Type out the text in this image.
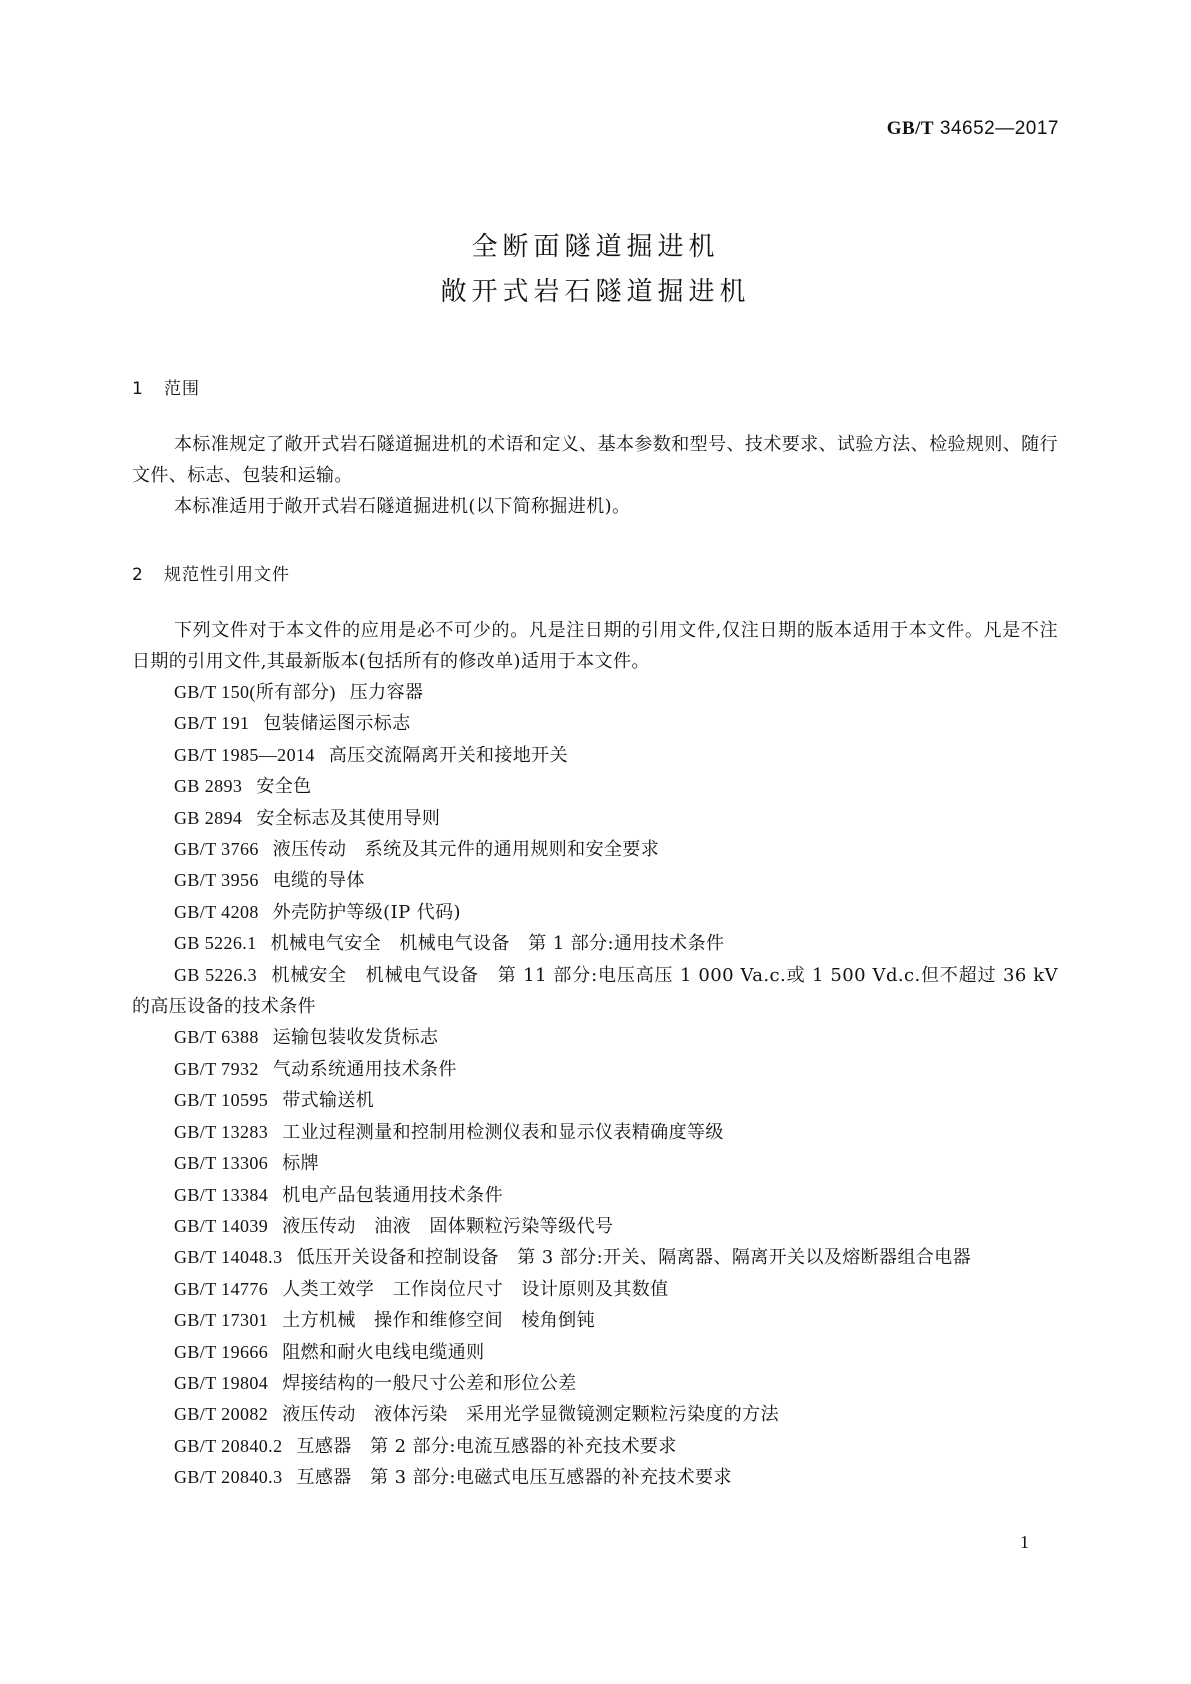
GB/T 34652—2017
全断面隧道掘进机
敞开式岩石隧道掘进机
1 范围

本标准规定了敞开式岩石隧道掘进机的术语和定义、基本参数和型号、技术要求、试验方法、检验规则、随行文件、标志、包装和运输。

本标准适用于敞开式岩石隧道掘进机(以下简称掘进机)。

2 规范性引用文件

下列文件对于本文件的应用是必不可少的。凡是注日期的引用文件,仅注日期的版本适用于本文件。凡是不注日期的引用文件,其最新版本(包括所有的修改单)适用于本文件。

GB/T 150(所有部分) 压力容器
GB/T 191 包装储运图示标志
GB/T 1985—2014 高压交流隔离开关和接地开关
GB 2893 安全色
GB 2894 安全标志及其使用导则
GB/T 3766 液压传动　系统及其元件的通用规则和安全要求
GB/T 3956 电缆的导体
GB/T 4208 外壳防护等级(IP 代码)
GB 5226.1 机械电气安全　机械电气设备　第 1 部分:通用技术条件
GB 5226.3 机械安全　机械电气设备　第 11 部分:电压高压 1 000 Va.c.或 1 500 Vd.c.但不超过 36 kV 的高压设备的技术条件
GB/T 6388 运输包装收发货标志
GB/T 7932 气动系统通用技术条件
GB/T 10595 带式输送机
GB/T 13283 工业过程测量和控制用检测仪表和显示仪表精确度等级
GB/T 13306 标牌
GB/T 13384 机电产品包装通用技术条件
GB/T 14039 液压传动　油液　固体颗粒污染等级代号
GB/T 14048.3 低压开关设备和控制设备　第 3 部分:开关、隔离器、隔离开关以及熔断器组合电器
GB/T 14776 人类工效学　工作岗位尺寸　设计原则及其数值
GB/T 17301 土方机械　操作和维修空间　棱角倒钝
GB/T 19666 阻燃和耐火电线电缆通则
GB/T 19804 焊接结构的一般尺寸公差和形位公差
GB/T 20082 液压传动　液体污染　采用光学显微镜测定颗粒污染度的方法
GB/T 20840.2 互感器　第 2 部分:电流互感器的补充技术要求
GB/T 20840.3 互感器　第 3 部分:电磁式电压互感器的补充技术要求
1
